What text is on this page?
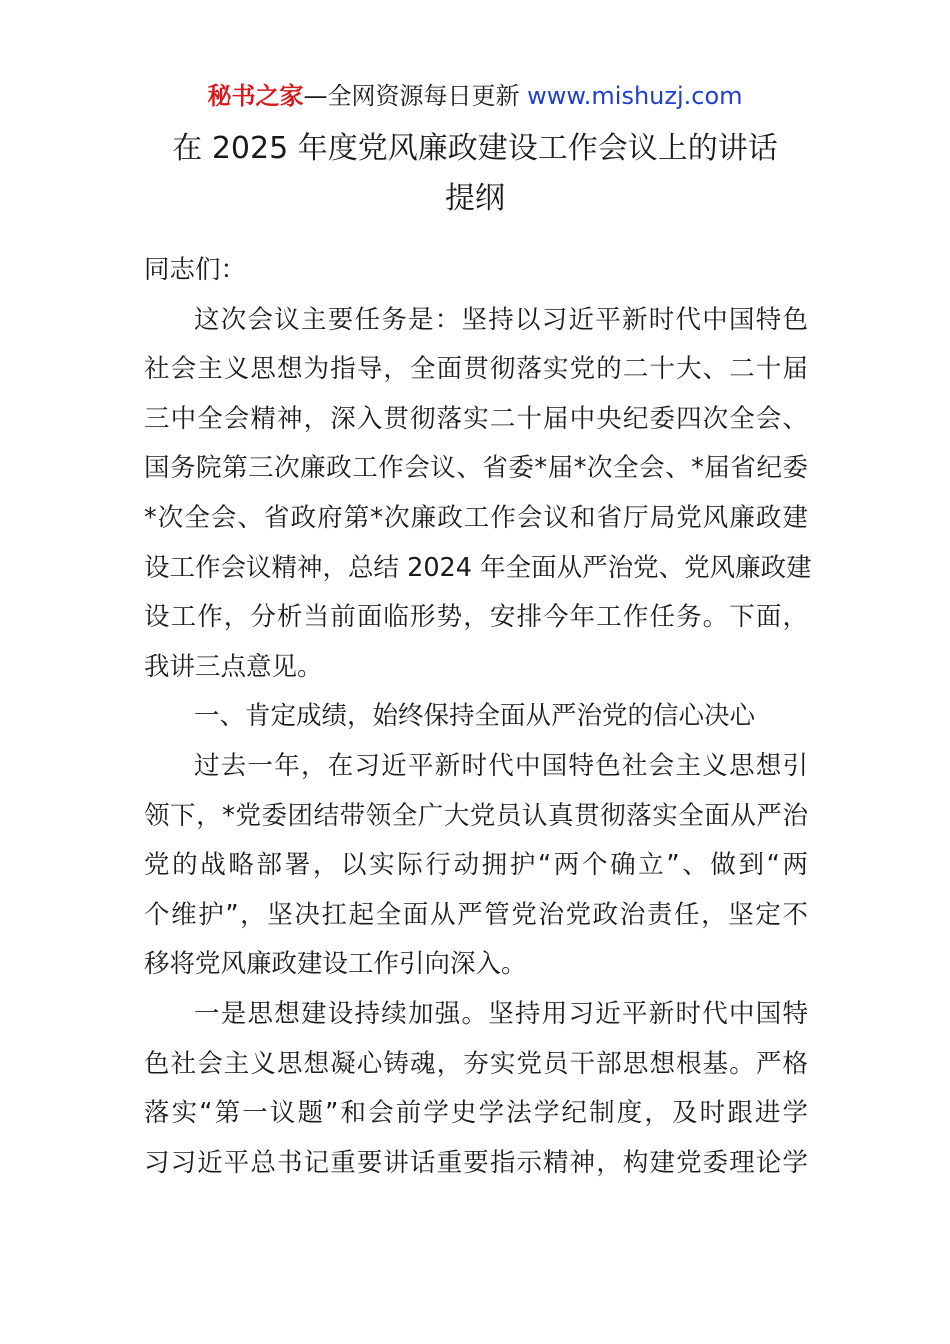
秘书之家—全网资源每日更新 www.mishuzj.com
在 2025 年度党风廉政建设工作会议上的讲话
提纲
同志们：
这次会议主要任务是：坚持以习近平新时代中国特色
社会主义思想为指导，全面贯彻落实党的二十大、二十届
三中全会精神，深入贯彻落实二十届中央纪委四次全会、
国务院第三次廉政工作会议、省委*届*次全会、*届省纪委
*次全会、省政府第*次廉政工作会议和省厅局党风廉政建
设工作会议精神，总结 2024 年全面从严治党、党风廉政建
设工作，分析当前面临形势，安排今年工作任务。下面，
我讲三点意见。
一、肯定成绩，始终保持全面从严治党的信心决心
过去一年，在习近平新时代中国特色社会主义思想引
领下，*党委团结带领全广大党员认真贯彻落实全面从严治
党的战略部署，以实际行动拥护“两个确立”、做到“两
个维护”，坚决扛起全面从严管党治党政治责任，坚定不
移将党风廉政建设工作引向深入。
一是思想建设持续加强。坚持用习近平新时代中国特
色社会主义思想凝心铸魂，夯实党员干部思想根基。严格
落实“第一议题”和会前学史学法学纪制度，及时跟进学
习习近平总书记重要讲话重要指示精神，构建党委理论学
